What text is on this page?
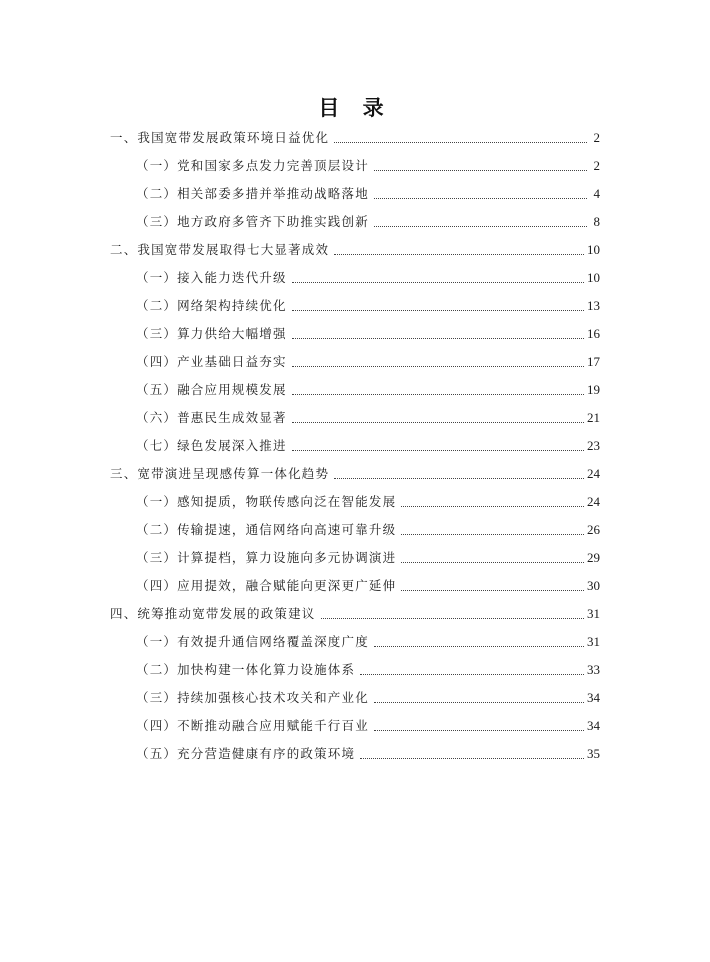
目 录
一、我国宽带发展政策环境日益优化	2
（一）党和国家多点发力完善顶层设计	2
（二）相关部委多措并举推动战略落地	4
（三）地方政府多管齐下助推实践创新	8
二、我国宽带发展取得七大显著成效	10
（一）接入能力迭代升级	10
（二）网络架构持续优化	13
（三）算力供给大幅增强	16
（四）产业基础日益夯实	17
（五）融合应用规模发展	19
（六）普惠民生成效显著	21
（七）绿色发展深入推进	23
三、宽带演进呈现感传算一体化趋势	24
（一）感知提质，物联传感向泛在智能发展	24
（二）传输提速，通信网络向高速可靠升级	26
（三）计算提档，算力设施向多元协调演进	29
（四）应用提效，融合赋能向更深更广延伸	30
四、统筹推动宽带发展的政策建议	31
（一）有效提升通信网络覆盖深度广度	31
（二）加快构建一体化算力设施体系	33
（三）持续加强核心技术攻关和产业化	34
（四）不断推动融合应用赋能千行百业	34
（五）充分营造健康有序的政策环境	35
